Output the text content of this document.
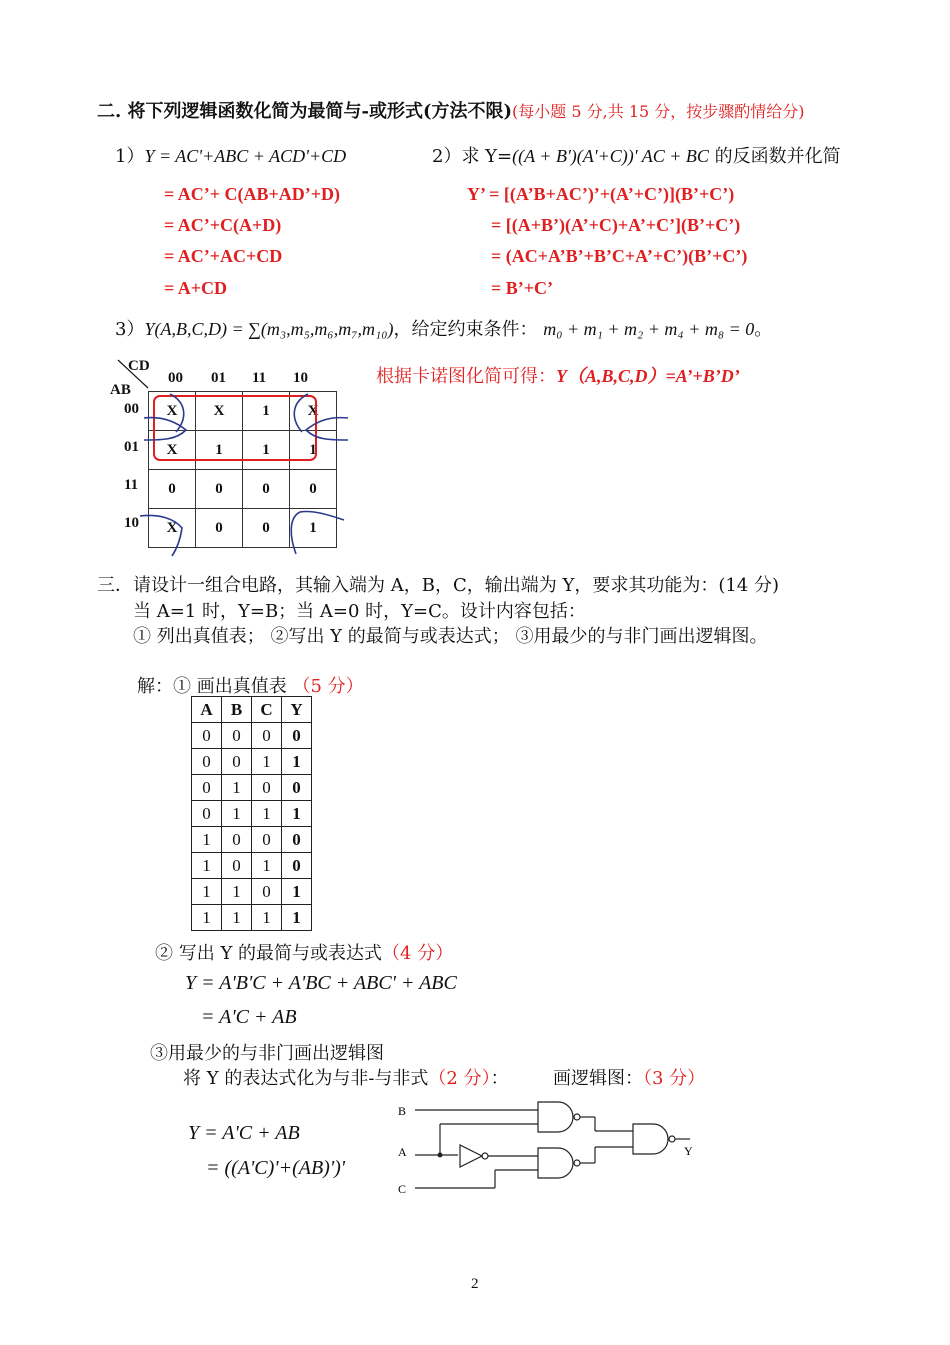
二. 将下列逻辑函数化简为最简与-或形式(方法不限)(每小题 5 分,共 15 分，按步骤酌情给分)
1）Y = AC'+ABC + ACD'+CD	2）求 Y=((A + B')(A'+C))' AC + BC 的反函数并化简
= AC’+ C(AB+AD’+D)
= AC’+C(A+D)
= AC’+AC+CD
= A+CD
Y’ = [(A’B+AC’)’+(A’+C’)](B’+C’)
= [(A+B’)(A’+C)+A’+C’](B’+C’)
= (AC+A’B’+B’C+A’+C’)(B’+C’)
= B’+C’
3）Y(A,B,C,D) = ∑(m₃,m₅,m₆,m₇,m₁₀)，给定约束条件： m₀ + m₁ + m₂ + m₄ + m₈ = 0。
CD
AB
00 01 11 10
00
01
11
10
X	X	1	X
X	1	1	1
0	0	0	0
X	0	0	1
根据卡诺图化简可得：Y（A,B,C,D）=A’+B’D’
三．请设计一组合电路，其输入端为 A，B，C，输出端为 Y，要求其功能为：(14 分)
当 A=1 时，Y=B；当 A=0 时，Y=C。设计内容包括：
① 列出真值表； ②写出 Y 的最简与或表达式； ③用最少的与非门画出逻辑图。
解：① 画出真值表 （5 分）
A	B	C	Y
0	0	0	0
0	0	1	1
0	1	0	0
0	1	1	1
1	0	0	0
1	0	1	0
1	1	0	1
1	1	1	1
② 写出 Y 的最简与或表达式（4 分）
Y = A'B'C + A'BC + ABC' + ABC
= A'C + AB
③用最少的与非门画出逻辑图
将 Y 的表达式化为与非-与非式（2 分）： 画逻辑图：（3 分）
Y = A'C + AB
= ((A'C)'+(AB)')'
B
A
C
Y
2
